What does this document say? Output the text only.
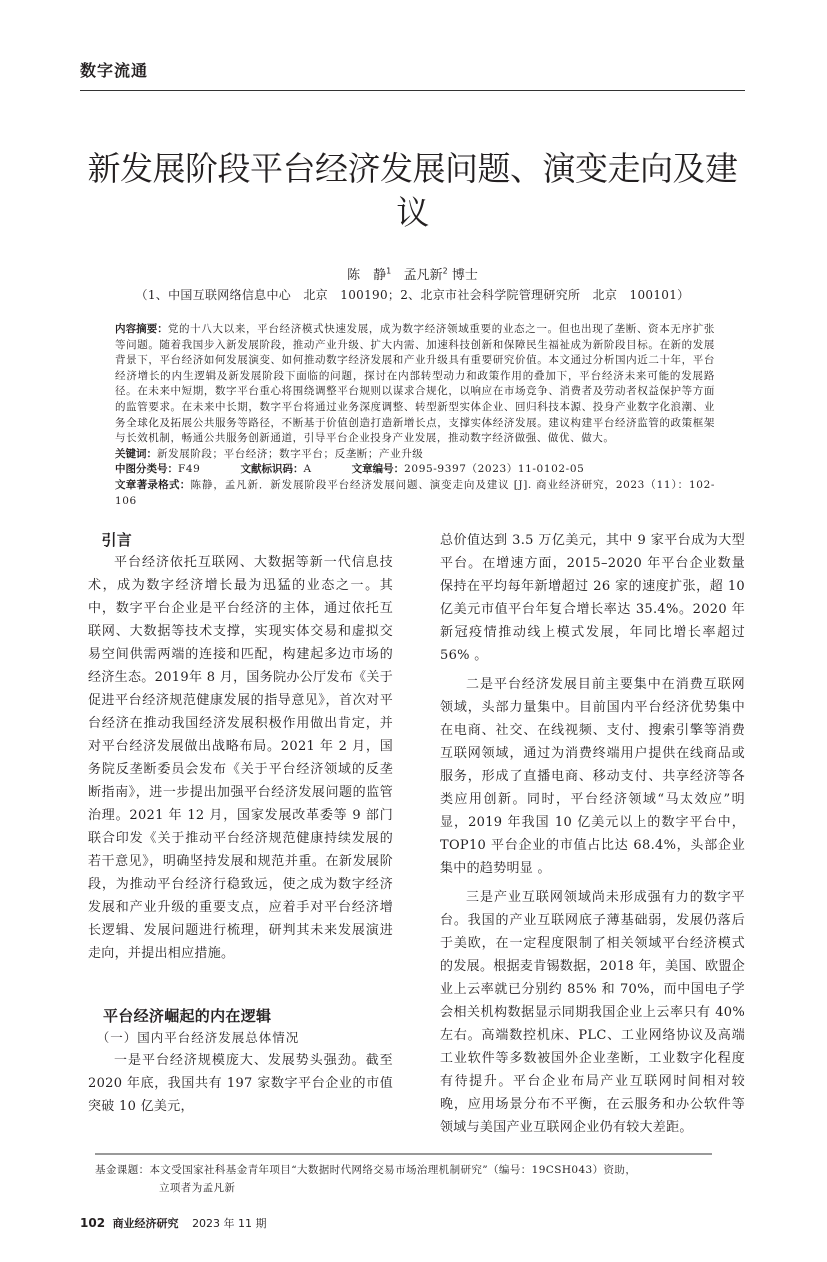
数字流通
新发展阶段平台经济发展问题、演变走向及建议
陈　静$^1$ 孟凡新$^2$ 博士
（1、中国互联网络信息中心　北京　100190；2、北京市社会科学院管理研究所　北京　100101）

内容摘要：党的十八大以来，平台经济模式快速发展，成为数字经济领域重要的业态之一。但也出现了垄断、资本无序扩张等问题。随着我国步入新发展阶段，推动产业升级、扩大内需、加速科技创新和保障民生福祉成为新阶段目标。在新的发展背景下，平台经济如何发展演变、如何推动数字经济发展和产业升级具有重要研究价值。本文通过分析国内近二十年，平台经济增长的内生逻辑及新发展阶段下面临的问题，探讨在内部转型动力和政策作用的叠加下，平台经济未来可能的发展路径。在未来中短期，数字平台重心将围绕调整平台规则以谋求合规化，以响应在市场竞争、消费者及劳动者权益保护等方面的监管要求。在未来中长期，数字平台将通过业务深度调整、转型新型实体企业、回归科技本源、投身产业数字化浪潮、业务全球化及拓展公共服务等路径，不断基于价值创造打造新增长点，支撑实体经济发展。建议构建平台经济监管的政策框架与长效机制，畅通公共服务创新通道，引导平台企业投身产业发展，推动数字经济做强、做优、做大。

关键词：新发展阶段；平台经济；数字平台；反垄断；产业升级

中图分类号：F49	文献标识码：A	文章编号：2095-9397（2023）11-0102-05

文章著录格式：陈静，孟凡新．新发展阶段平台经济发展问题、演变走向及建议 [J]. 商业经济研究，2023（11）：102-106

引言

平台经济依托互联网、大数据等新一代信息技术，成为数字经济增长最为迅猛的业态之一。其中，数字平台企业是平台经济的主体，通过依托互联网、大数据等技术支撑，实现实体交易和虚拟交易空间供需两端的连接和匹配，构建起多边市场的经济生态。2019年 8 月，国务院办公厅发布《关于促进平台经济规范健康发展的指导意见》，首次对平台经济在推动我国经济发展积极作用做出肯定，并对平台经济发展做出战略布局。2021 年 2 月，国务院反垄断委员会发布《关于平台经济领域的反垄断指南》，进一步提出加强平台经济发展问题的监管治理。2021 年 12 月，国家发展改革委等 9 部门联合印发《关于推动平台经济规范健康持续发展的若干意见》，明确坚持发展和规范并重。在新发展阶段，为推动平台经济行稳致远，使之成为数字经济发展和产业升级的重要支点，应着手对平台经济增长逻辑、发展问题进行梳理，研判其未来发展演进走向，并提出相应措施。

平台经济崛起的内在逻辑
（一）国内平台经济发展总体情况

一是平台经济规模庞大、发展势头强劲。截至 2020 年底，我国共有 197 家数字平台企业的市值突破 10 亿美元，

总价值达到 3.5 万亿美元，其中 9 家平台成为大型平台。在增速方面，2015–2020 年平台企业数量保持在平均每年新增超过 26 家的速度扩张，超 10 亿美元市值平台年复合增长率达 35.4%。2020 年新冠疫情推动线上模式发展，年同比增长率超过 56% 。

二是平台经济发展目前主要集中在消费互联网领域，头部力量集中。目前国内平台经济优势集中在电商、社交、在线视频、支付、搜索引擎等消费互联网领域，通过为消费终端用户提供在线商品或服务，形成了直播电商、移动支付、共享经济等各类应用创新。同时，平台经济领域“马太效应”明显，2019 年我国 10 亿美元以上的数字平台中，TOP10 平台企业的市值占比达 68.4%，头部企业集中的趋势明显 。

三是产业互联网领域尚未形成强有力的数字平台。我国的产业互联网底子薄基础弱，发展仍落后于美欧，在一定程度限制了相关领域平台经济模式的发展。根据麦肯锡数据，2018 年，美国、欧盟企业上云率就已分别约 85% 和 70%，而中国电子学会相关机构数据显示同期我国企业上云率只有 40% 左右。高端数控机床、PLC、工业网络协议及高端工业软件等多数被国外企业垄断，工业数字化程度有待提升。平台企业布局产业互联网时间相对较晚，应用场景分布不平衡，在云服务和办公软件等领域与美国产业互联网企业仍有较大差距。

基金课题：本文受国家社科基金青年项目“大数据时代网络交易市场治理机制研究”（编号：19CSH043）资助，
立项者为孟凡新
102 商业经济研究 2023 年 11 期
